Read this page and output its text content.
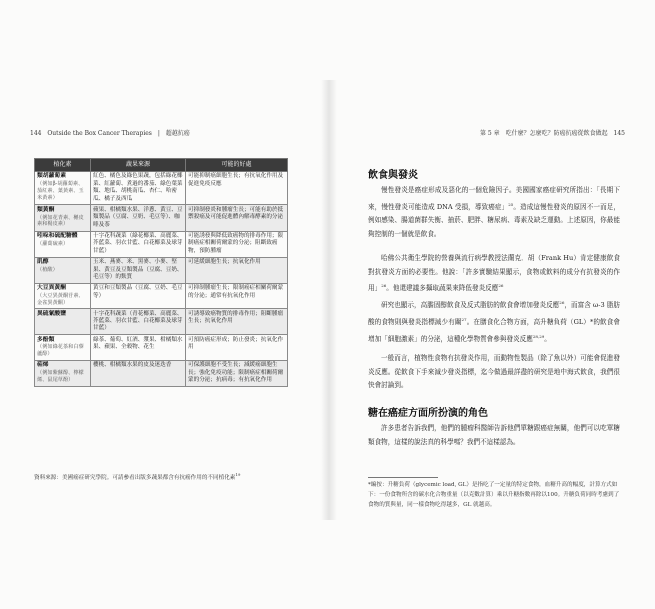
144 Outside the Box Cancer Therapies | 超越抗癌	第 5 章　吃什麼？怎麼吃？防癌抗癌從飲食做起 145
植化素	蔬果來源	可能的好處

類胡蘿蔔素
（例如β-胡蘿蔔素、茄紅素、葉黃素、玉米黃素）	紅色、橘色及綠色果蔬，包括綠花椰菜、紅蘿蔔、煮過的番茄、綠色葉菜類、地瓜、胡桃南瓜、杏仁、哈密瓜、橘子及西瓜	可能抑制癌細胞生長；有抗氧化作用及促進免疫反應

類黃酮
（例如花青素、槲皮素和楊皮素）	蘋果、柑橘類水果、洋蔥、黃豆、豆類製品（豆腐、豆奶、毛豆等）、咖啡及茶	可抑制發炎和腫瘤生長；可能有助於抵禦殺癌及可能促進體內解毒酵素的分泌

吲哚和硫配糖體
（蘿蔔硫素）	十字花科蔬菜（綠花椰菜、高麗菜、芥藍菜、羽衣甘藍、白花椰菜及球芽甘藍）	可能誘發與降低致癌物的排毒作用；限制癌症相關荷爾蒙的分泌；阻斷致癌物，預防腫瘤

肌醇
（植酸）	玉米、燕麥、米、黑麥、小麥、堅果、黃豆及豆類製品（豆腐、豆奶、毛豆等）的麩質	可延緩細胞生長；抗氧化作用

大豆異黃酮
（大豆異黃酮苷素、金雀異黃酮）	黃豆和豆類製品（豆腐、豆奶、毛豆等）	可抑制腫瘤生長；限制癌症相關荷爾蒙的分泌；通常有抗氧化作用

異硫氰酸鹽	十字花科蔬菜（青花椰菜、高麗菜、芥藍菜、羽衣甘藍、白花椰菜及球芽甘藍）	可誘導致癌物質的排毒作用；阻斷腫瘤生長；抗氧化作用

多酚類
（例如綠花茶和白藜蘆醇）	綠茶、葡萄、紅酒、漿果、柑橘類水果、蘋果、全穀物、花生	可預防癌症形成；防止發炎；抗氧化作用

萜烯
（例如紫蘇醇、檸檬烯、鼠尾草酚）	櫻桃、柑橘類水果的皮及迷迭香	可保護細胞不受生長；減緩癌細胞生長；強化免疫功能；限制癌症相關荷爾蒙的分泌；抗病毒；有抗氧化作用
資料來源：美國癌症研究學院。可請參看出版多蔬果都含有抗癌作用的不同植化素$^{19}$
飲食與發炎
慢性發炎是癌症形成及惡化的一個危險因子。美國國家癌症研究所指出：「長期下來，慢性發炎可能造成 DNA 受損，導致癌症」$^{25}$。造成這慢性發炎的原因不一而足，例如感染、腸道菌群失衡、抽菸、肥胖、糖尿病、毒素及缺乏運動。上述原因，你最能夠控制的一個就是飲食。
哈佛公共衛生學院的營養與流行病學教授法蘭克．胡（Frank Hu）肯定健康飲食對抗發炎方面的必要性。他說：「許多實驗結果顯示，食物或飲料的成分有抗發炎的作用」$^{26}$。他還建議多攝取蔬果來降低發炎反應$^{26}$
研究也顯示，高膽固醇飲食及反式脂肪的飲食會增加發炎反應$^{26}$，而富含 ω-3 脂肪酸的食物則與發炎指標減少有關$^{27}$。在膳食化合物方面，高升糖負荷（GL）*的飲食會增加「細胞激素」的分泌，這種化學物質會參與發炎反應$^{28,29}$。
一般而言，植物性食物有抗發炎作用，而動物性製品（除了魚以外）可能會促進發炎反應。從飲食下手來減少發炎指標，迄今做過最詳盡的研究是地中海式飲食，我們很快會討論到。
糖在癌症方面所扮演的角色
許多患者告訴我們，他們的腫瘤科醫師告訴他們單糖跟癌症無關，他們可以吃單糖類食物，這樣的說法真的科學嗎？我們不這樣認為。
*編按：升糖負荷（glycemic load, GL）是指吃了一定量的特定食物，血糖升高的幅度，計算方式如下：一份食物所含的碳水化合物重量（以克數計算）乘以升糖指數再除以100。升糖負荷同時考慮到了食物的質與量，同一樣食物吃得越多，GL 就越高。
